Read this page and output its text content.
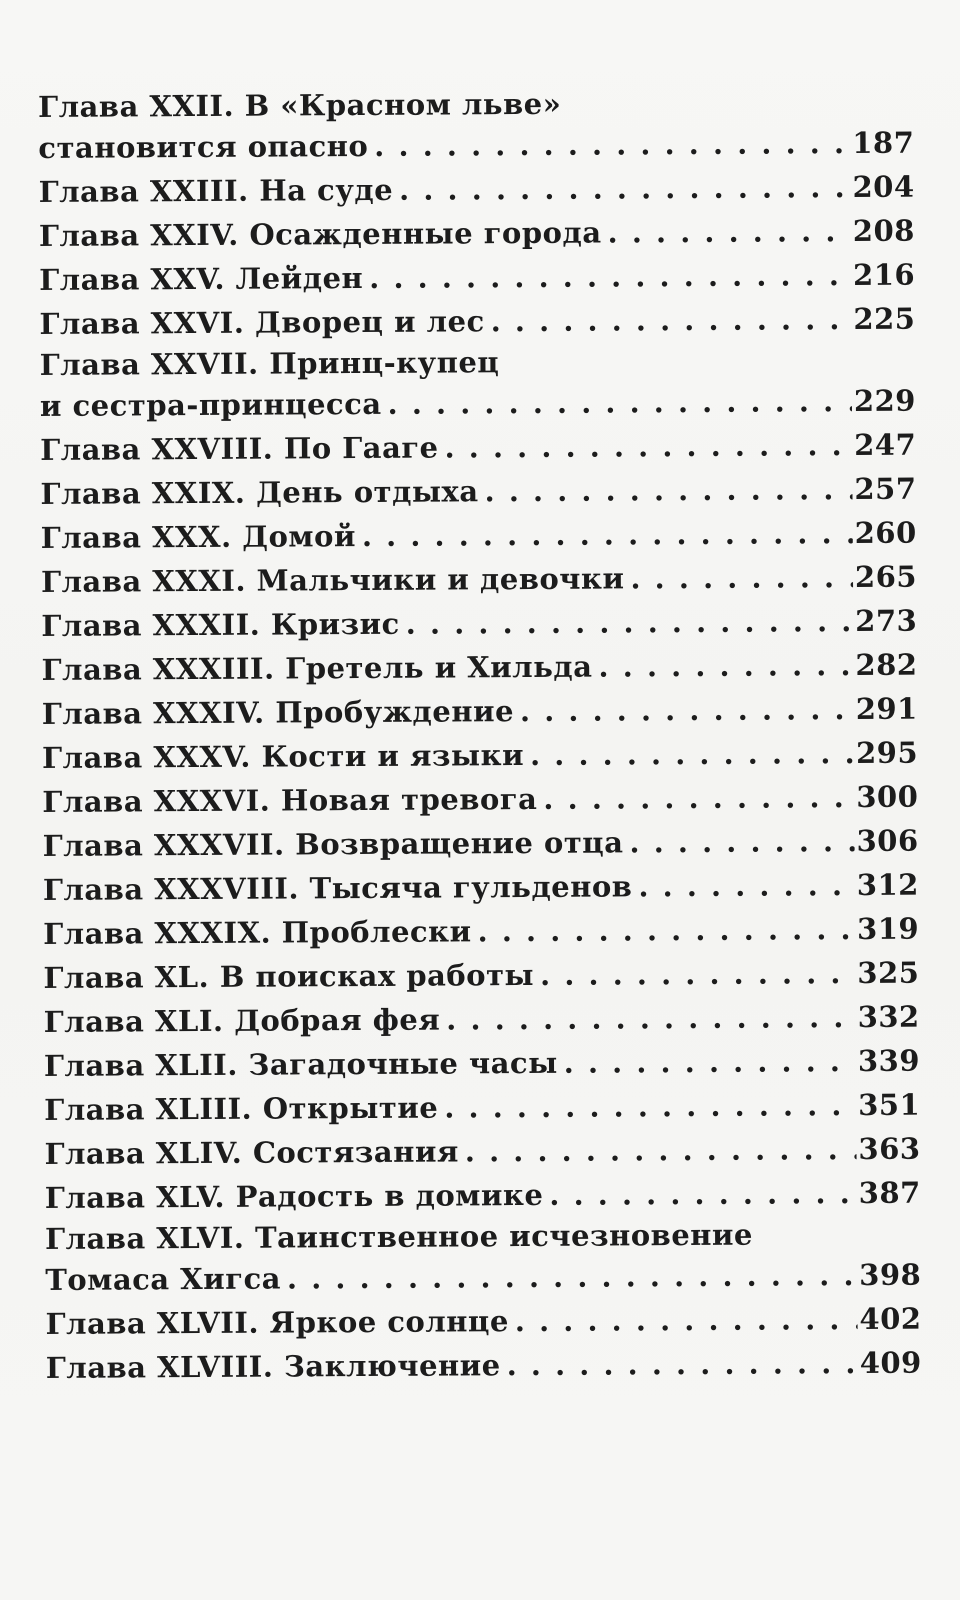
Глава XXII. В «Красном льве»
становится опасно . . .	187
Глава XXIII. На суде . . .	204
Глава XXIV. Осажденные города . . .	208
Глава XXV. Лейден . . .	216
Глава XXVI. Дворец и лес . . .	225
Глава XXVII. Принц-купец
и сестра-принцесса . . .	229
Глава XXVIII. По Гааге . . .	247
Глава XXIX. День отдыха . . .	257
Глава XXX. Домой . . .	260
Глава XXXI. Мальчики и девочки . . .	265
Глава XXXII. Кризис . . .	273
Глава XXXIII. Гретель и Хильда . . .	282
Глава XXXIV. Пробуждение . . .	291
Глава XXXV. Кости и языки . . .	295
Глава XXXVI. Новая тревога . . .	300
Глава XXXVII. Возвращение отца . . .	306
Глава XXXVIII. Тысяча гульденов . . .	312
Глава XXXIX. Проблески . . .	319
Глава XL. В поисках работы . . .	325
Глава XLI. Добрая фея . . .	332
Глава XLII. Загадочные часы . . .	339
Глава XLIII. Открытие . . .	351
Глава XLIV. Состязания . . .	363
Глава XLV. Радость в домике . . .	387
Глава XLVI. Таинственное исчезновение
Томаса Хигса . . .	398
Глава XLVII. Яркое солнце . . .	402
Глава XLVIII. Заключение . . .	409
